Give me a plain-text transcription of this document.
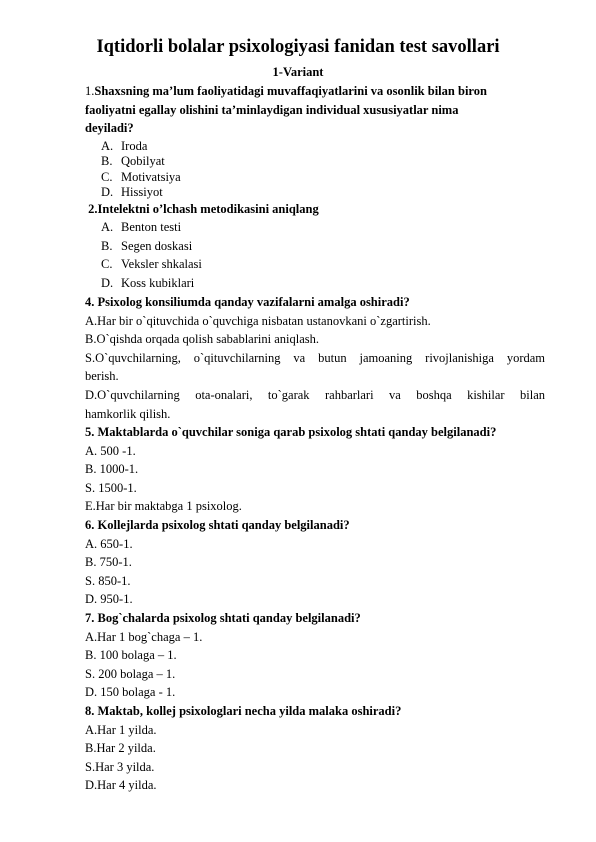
Iqtidorli bolalar psixologiyasi fanidan test savollari
1-Variant
1.Shaxsning ma’lum faoliyatidagi muvaffaqiyatlarini va osonlik bilan biron
faoliyatni egallay olishini ta’minlaydigan individual xususiyatlar nima
deyiladi?
A. Iroda
B. Qobilyat
C. Motivatsiya
D. Hissiyot
2.Intelektni o’lchash metodikasini aniqlang
A. Benton testi
B. Segen doskasi
C. Veksler shkalasi
D. Koss kubiklari
4. Psixolog konsiliumda qanday vazifalarni amalga oshiradi?
A.Har bir o`qituvchida o`quvchiga nisbatan ustanovkani o`zgartirish.
B.O`qishda orqada qolish sabablarini aniqlash.
S.O`quvchilarning, o`qituvchilarning va butun jamoaning rivojlanishiga yordam
berish.
D.O`quvchilarning ota-onalari, to`garak rahbarlari va boshqa kishilar bilan
hamkorlik qilish.
5. Maktablarda o`quvchilar soniga qarab psixolog shtati qanday belgilanadi?
A. 500 -1.
B. 1000-1.
S. 1500-1.
E.Har bir maktabga 1 psixolog.
6. Kollejlarda psixolog shtati qanday belgilanadi?
A. 650-1.
B. 750-1.
S. 850-1.
D. 950-1.
7. Bog`chalarda psixolog shtati qanday belgilanadi?
A.Har 1 bog`chaga – 1.
B. 100 bolaga – 1.
S. 200 bolaga – 1.
D. 150 bolaga - 1.
8. Maktab, kollej psixologlari necha yilda malaka oshiradi?
A.Har 1 yilda.
B.Har 2 yilda.
S.Har 3 yilda.
D.Har 4 yilda.
